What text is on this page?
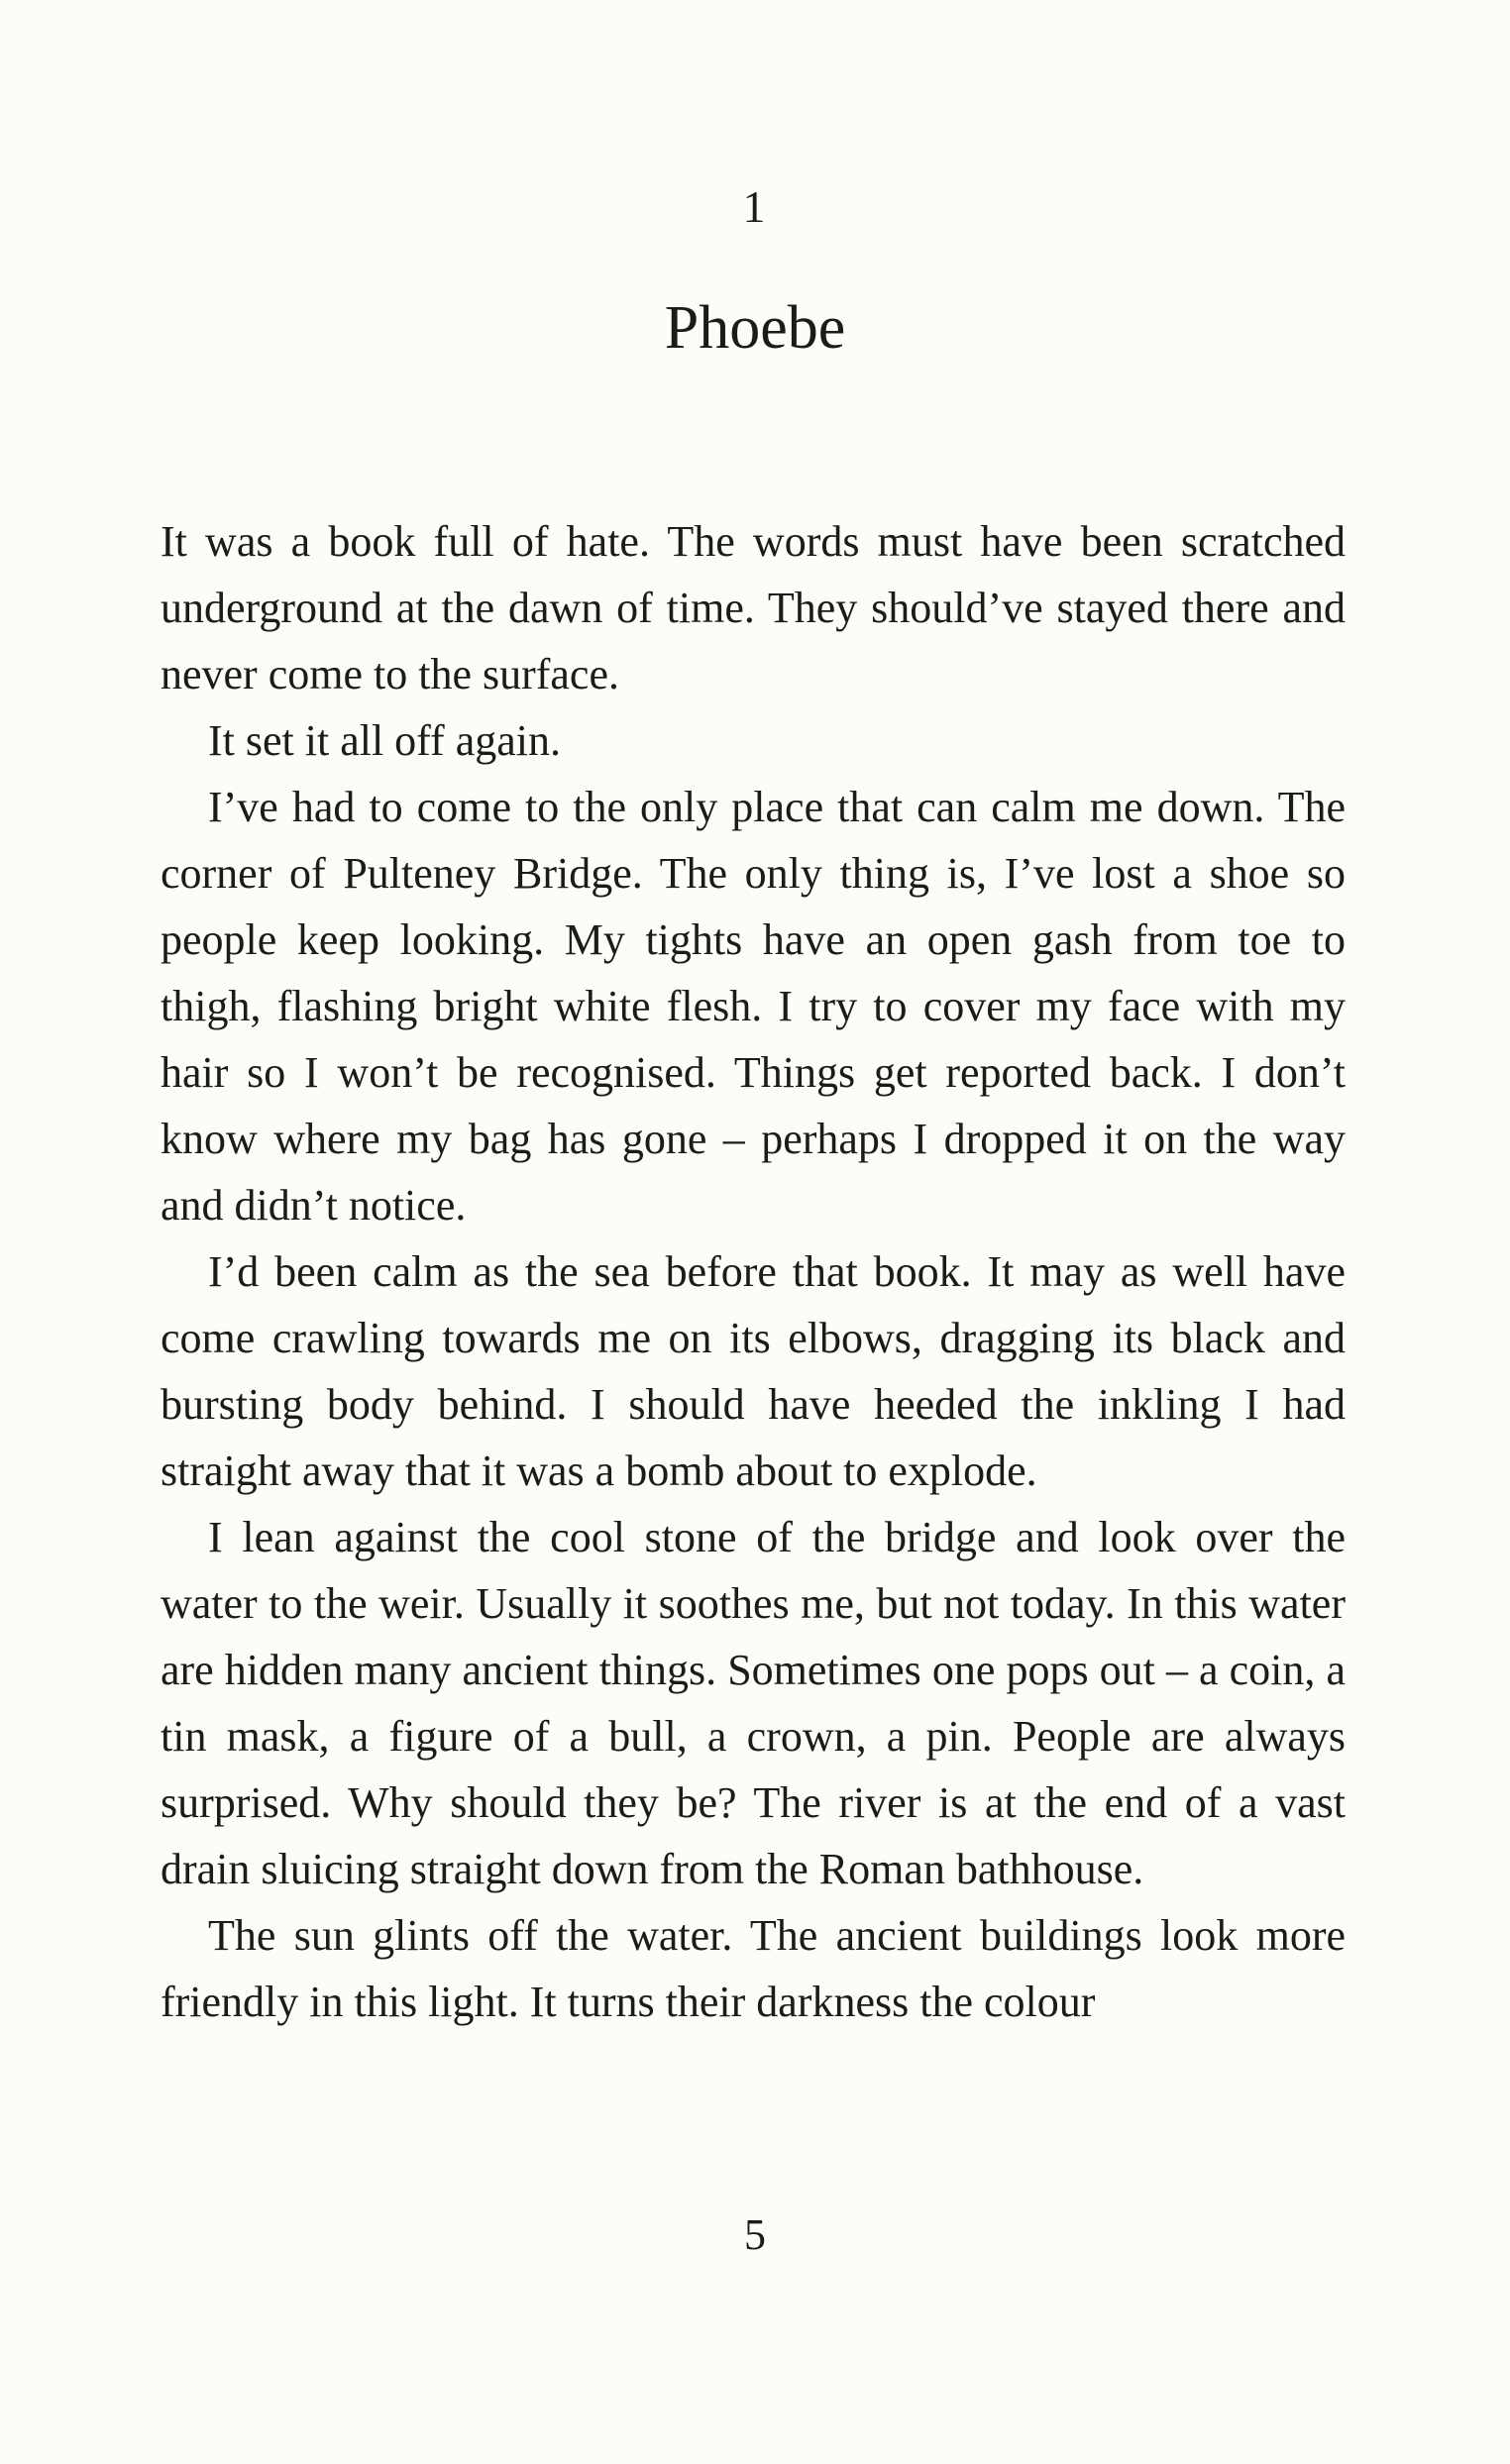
1
Phoebe

It was a book full of hate. The words must have been scratched underground at the dawn of time. They should’ve stayed there and never come to the surface.

It set it all off again.

I’ve had to come to the only place that can calm me down. The corner of Pulteney Bridge. The only thing is, I’ve lost a shoe so people keep looking. My tights have an open gash from toe to thigh, flashing bright white flesh. I try to cover my face with my hair so I won’t be recognised. Things get reported back. I don’t know where my bag has gone – perhaps I dropped it on the way and didn’t notice.

I’d been calm as the sea before that book. It may as well have come crawling towards me on its elbows, dragging its black and bursting body behind. I should have heeded the inkling I had straight away that it was a bomb about to explode.

I lean against the cool stone of the bridge and look over the water to the weir. Usually it soothes me, but not today. In this water are hidden many ancient things. Sometimes one pops out – a coin, a tin mask, a figure of a bull, a crown, a pin. People are always surprised. Why should they be? The river is at the end of a vast drain sluicing straight down from the Roman bathhouse.

The sun glints off the water. The ancient buildings look more friendly in this light. It turns their darkness the colour

5
